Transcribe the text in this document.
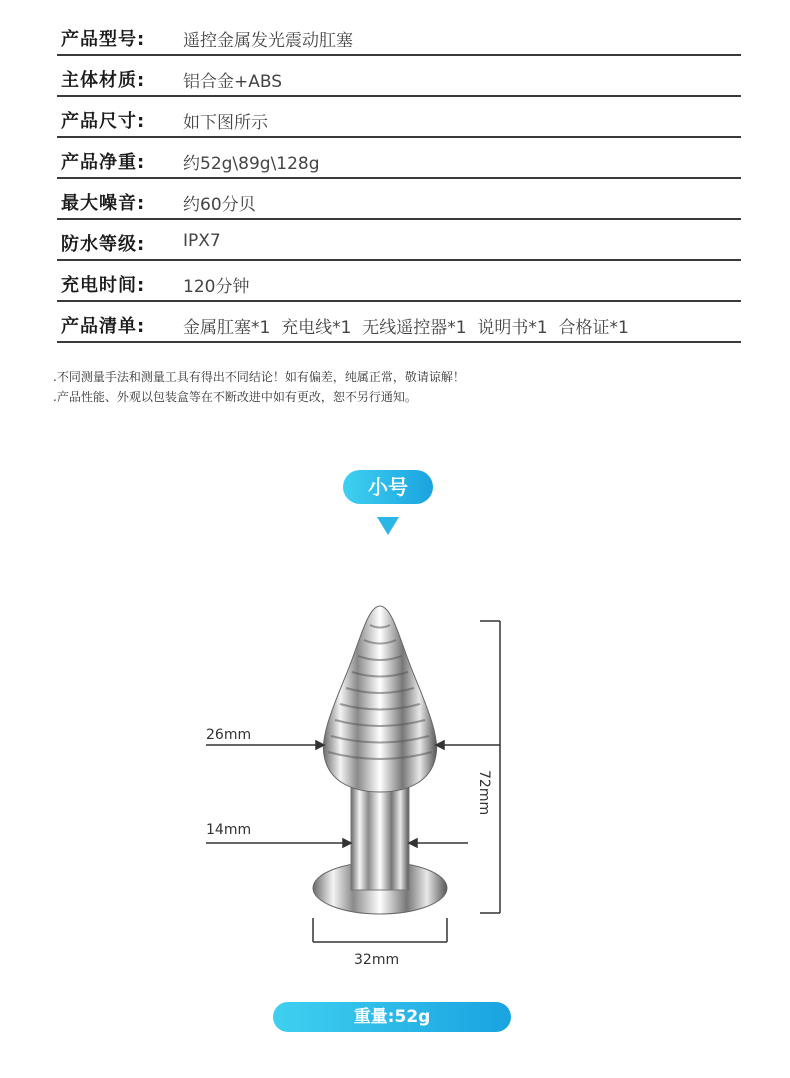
产品型号: 遥控金属发光震动肛塞
主体材质: 铝合金+ABS
产品尺寸: 如下图所示
产品净重: 约52g\89g\128g
最大噪音: 约60分贝
防水等级: IPX7
充电时间: 120分钟
产品清单: 金属肛塞*1  充电线*1  无线遥控器*1  说明书*1  合格证*1
.不同测量手法和测量工具有得出不同结论！如有偏差，纯属正常，敬请谅解！
.产品性能、外观以包装盒等在不断改进中如有更改，恕不另行通知。
小号
26mm
14mm
72mm
32mm
重量:52g
